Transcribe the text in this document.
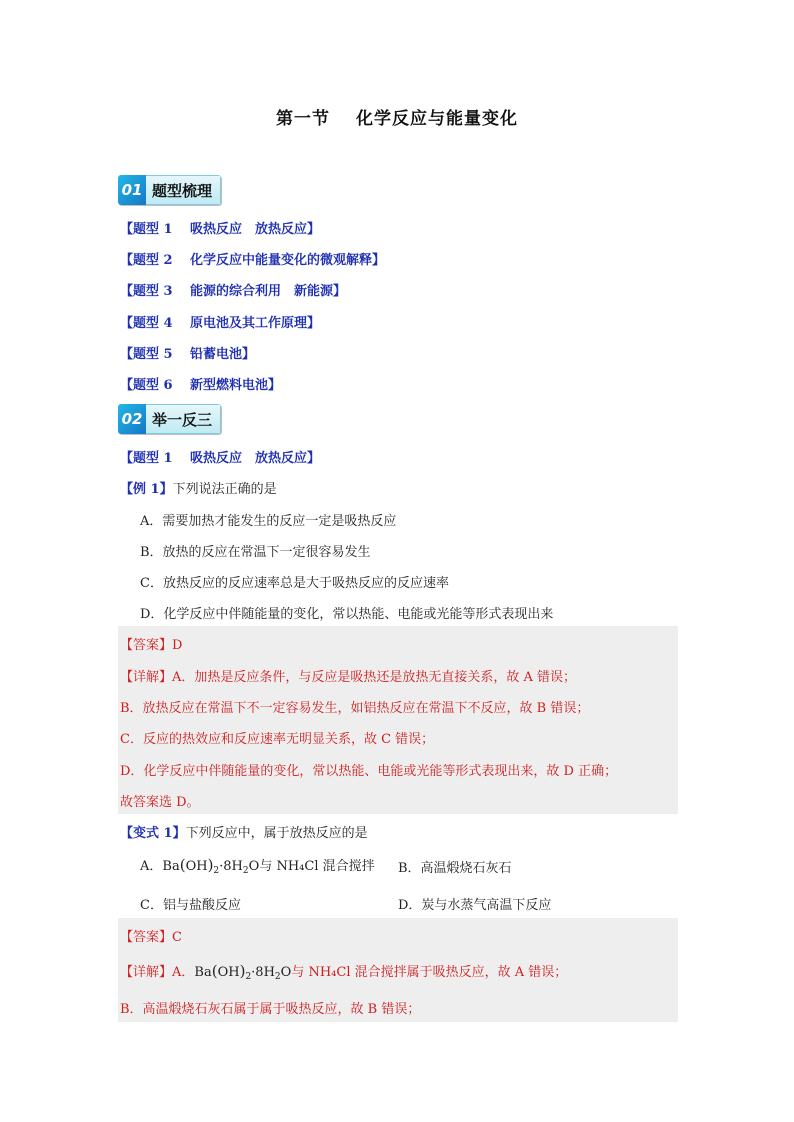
第一节 化学反应与能量变化
01 题型梳理
【题型 1 吸热反应　放热反应】
【题型 2 化学反应中能量变化的微观解释】
【题型 3 能源的综合利用　新能源】
【题型 4 原电池及其工作原理】
【题型 5 铅蓄电池】
【题型 6 新型燃料电池】
02 举一反三
【题型 1 吸热反应　放热反应】
【例 1】下列说法正确的是
A．需要加热才能发生的反应一定是吸热反应
B．放热的反应在常温下一定很容易发生
C．放热反应的反应速率总是大于吸热反应的反应速率
D．化学反应中伴随能量的变化，常以热能、电能或光能等形式表现出来
【答案】D
【详解】A．加热是反应条件，与反应是吸热还是放热无直接关系，故 A 错误；
B．放热反应在常温下不一定容易发生，如铝热反应在常温下不反应，故 B 错误；
C．反应的热效应和反应速率无明显关系，故 C 错误；
D．化学反应中伴随能量的变化，常以热能、电能或光能等形式表现出来，故 D 正确；
故答案选 D。
【变式 1】下列反应中，属于放热反应的是
A．$Ba(OH)_2\cdot 8H_2O$与 NH₄Cl 混合搅拌 B．高温煅烧石灰石
C．铝与盐酸反应	D．炭与水蒸气高温下反应
【答案】C
【详解】A．$Ba(OH)_2\cdot 8H_2O$与 NH₄Cl 混合搅拌属于吸热反应，故 A 错误；
B．高温煅烧石灰石属于属于吸热反应，故 B 错误；
